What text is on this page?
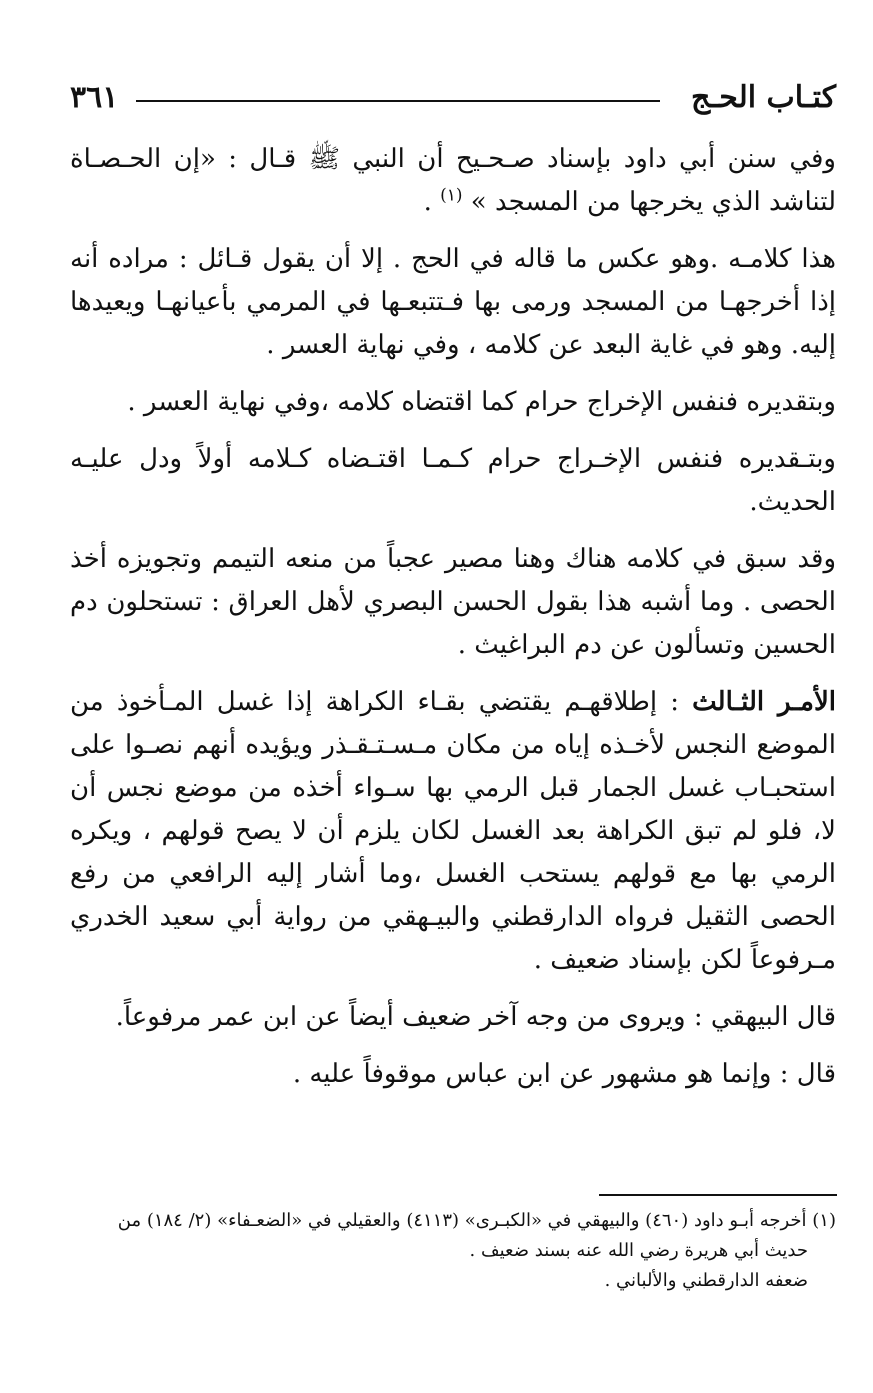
كتـاب الحـج
٣٦١

وفي سنن أبي داود بإسناد صـحـيح أن النبي ﷺ قـال : «إن الحـصـاة لتناشد الذي يخرجها من المسجد » $^{(١)}$ .

هذا كلامـه .وهو عكس ما قاله في الحج . إلا أن يقول قـائل : مراده أنه إذا أخرجهـا من المسجد ورمى بها فـتتبعـها في المرمي بأعيانهـا ويعيدها إليه. وهو في غاية البعد عن كلامه ، وفي نهاية العسر .

وبتقديره فنفس الإخراج حرام كما اقتضاه كلامه ،وفي نهاية العسر .

وبتـقديره فنفس الإخـراج حرام كـمـا اقتـضاه كـلامه أولاً ودل عليـه الحديث.

وقد سبق في كلامه هناك وهنا مصير عجباً من منعه التيمم وتجويزه أخذ الحصى . وما أشبه هذا بقول الحسن البصري لأهل العراق : تستحلون دم الحسين وتسألون عن دم البراغيث .

الأمـر الثـالث : إطلاقهـم يقتضي بقـاء الكراهة إذا غسل المـأخوذ من الموضع النجس لأخـذه إياه من مكان مـسـتـقـذر ويؤيده أنهم نصـوا على استحبـاب غسل الجمار قبل الرمي بها سـواء أخذه من موضع نجس أن لا، فلو لم تبق الكراهة بعد الغسل لكان يلزم أن لا يصح قولهم ، ويكره الرمي بها مع قولهم يستحب الغسل ،وما أشار إليه الرافعي من رفع الحصى الثقيل فرواه الدارقطني والبيـهقي من رواية أبي سعيد الخدري مـرفوعاً لكن بإسناد ضعيف .

قال البيهقي : ويروى من وجه آخر ضعيف أيضاً عن ابن عمر مرفوعاً.

قال : وإنما هو مشهور عن ابن عباس موقوفاً عليه .

(١) أخرجه أبـو داود (٤٦٠) والبيهقي في «الكبـرى» (٤١١٣) والعقيلي في «الضعـفاء» (٢/ ١٨٤) من

حديث أبي هريرة رضي الله عنه بسند ضعيف .

ضعفه الدارقطني والألباني .
